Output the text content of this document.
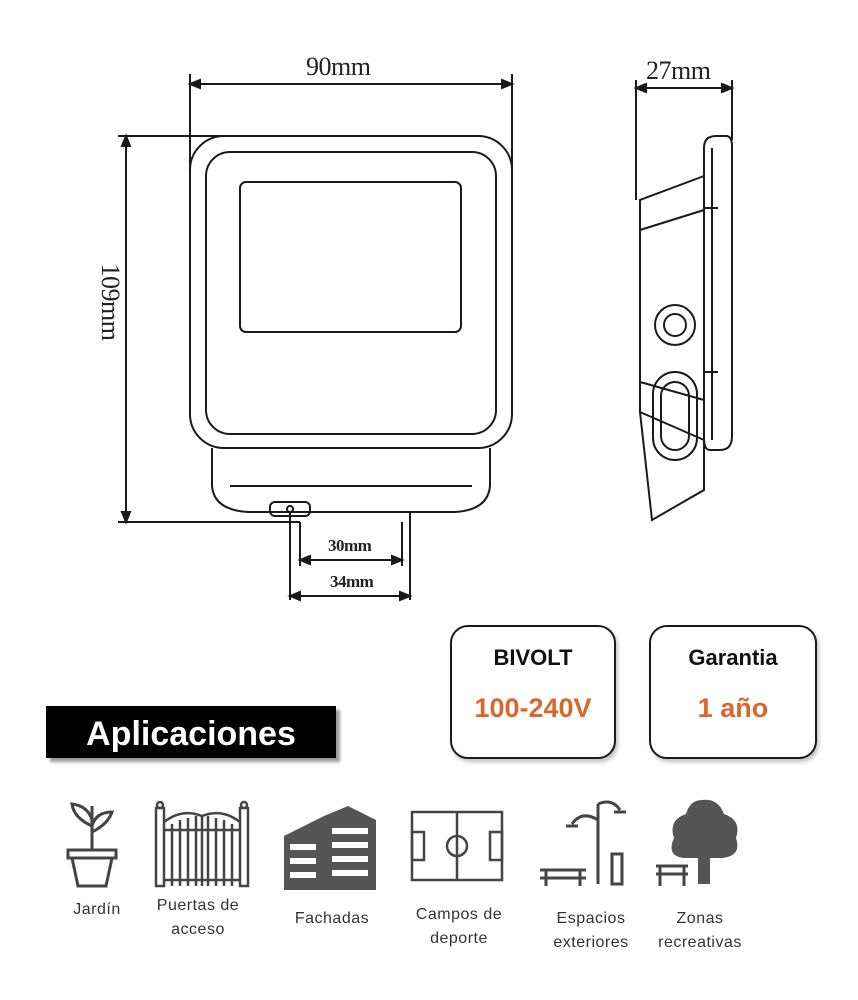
90mm	27mm
109mm
30mm
34mm
BIVOLT
100-240V
Garantia
1 año
Aplicaciones
Jardín	Puertas de acceso
Fachadas	Campos de deporte
Espacios exteriores
Zonas recreativas
